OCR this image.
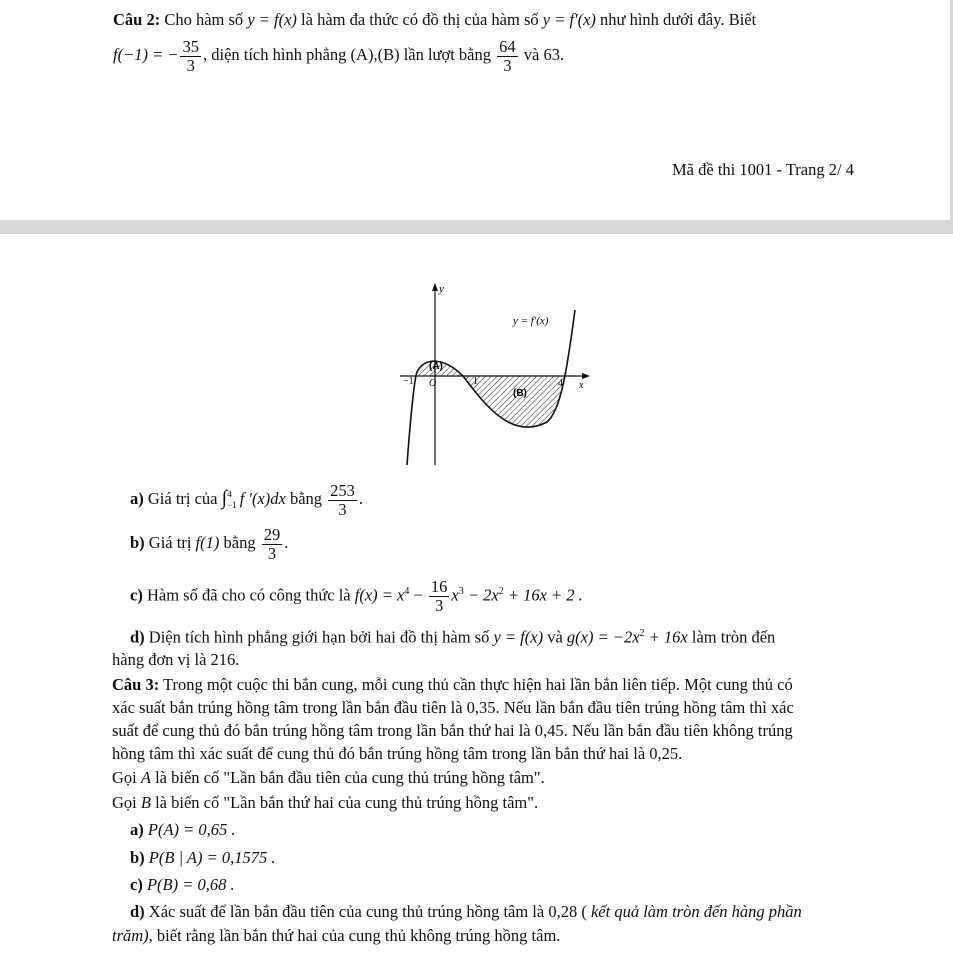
Câu 2: Cho hàm số y = f(x) là hàm đa thức có đồ thị của hàm số y = f'(x) như hình dưới đây. Biết
f(−1) = − $\frac{35}{3}$ , diện tích hình phẳng (A),(B) lần lượt bằng $\frac{64}{3}$ và 63.
Mã đề thi 1001 - Trang 2/ 4
y
y = f'(x)
(A)
(B)
−1 O	1	4 x
a) Giá trị của ∫ 4
−1 f '(x)dx bằng $\frac{253}{3}$ .
b) Giá trị f(1) bằng $\frac{29}{3}$ .
c) Hàm số đã cho có công thức là $f(x) = x^4 - \frac{16}{3} x^3 - 2x^2 + 16x + 2$ .
d) Diện tích hình phẳng giới hạn bởi hai đồ thị hàm số y = f(x) và $g(x) = -2x^2 + 16x$ làm tròn đến
hàng đơn vị là 216.
Câu 3: Trong một cuộc thi bắn cung, mỗi cung thủ cần thực hiện hai lần bắn liên tiếp. Một cung thủ có
xác suất bắn trúng hồng tâm trong lần bắn đầu tiên là 0,35. Nếu lần bắn đầu tiên trúng hồng tâm thì xác
suất để cung thủ đó bắn trúng hồng tâm trong lần bắn thứ hai là 0,45. Nếu lần bắn đầu tiên không trúng
hồng tâm thì xác suất để cung thủ đó bắn trúng hồng tâm trong lần bắn thứ hai là 0,25.
Gọi A là biến cố "Lần bắn đầu tiên của cung thủ trúng hồng tâm".
Gọi B là biến cố "Lần bắn thứ hai của cung thủ trúng hồng tâm".
a) P(A) = 0,65 .
b) P(B | A) = 0,1575 .
c) P(B) = 0,68 .
d) Xác suất để lần bắn đầu tiên của cung thủ trúng hồng tâm là 0,28 ( kết quả làm tròn đến hàng phần
trăm), biết rằng lần bắn thứ hai của cung thủ không trúng hồng tâm.
